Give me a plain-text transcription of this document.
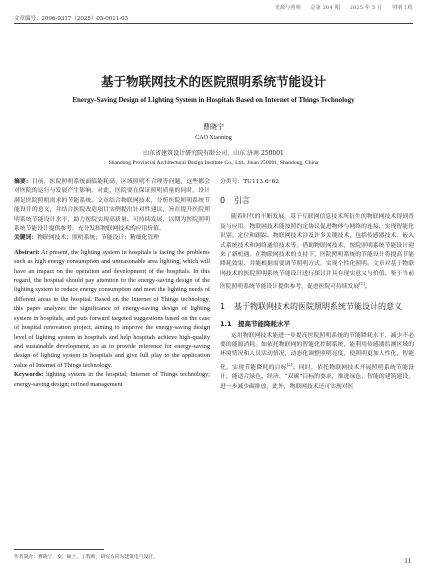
光源与照明 总第 204 期 2025 年 5 月 照明工程
文章编号：2096-9317（2025）05-0011-03
基于物联网技术的医院照明系统节能设计
Energy-Saving Design of Lighting System in Hospitals Based on Internet of Things Technology
曹晓宁
CAO Xiaoning
山东省建筑设计研究院有限公司，山东 济南 250001
Shandong Provincial Architectural Design Institute Co., Ltd., Jinan 250001, Shandong, China

摘要：目前，医院照明系统面临能耗高、区域照明不合理等问题，这些都会对医院的运行与发展产生影响。对此，医院要在保证照明质量的同时，设计满足医院照明需求的节能系统。文章结合物联网技术，分析医院照明系统节能设计的意义，并结合医院改造项目实例提出针对性建议，旨在提升医院照明系统节能设计水平，助力医院实现高质量、可持续发展，以期为医院照明系统节能设计提供参考，充分发挥物联网技术的应用价值。

关键词：物联网技术；照明系统；节能设计；精细化管理

Abstract: At present, the lighting system in hospitals is facing the problems such as high energy consumption and unreasonable area lighting, which will have an impact on the operation and development of the hospitals. In this regard, the hospital should pay attention to the energy-saving design of the lighting system to reduce energy consumption and meet the lighting needs of different areas in the hospital. Based on the Internet of Things technology, this paper analyzes the significance of energy-saving design of lighting system in hospitals, and puts forward targeted suggestions based on the case of hospital renovation project, aiming to improve the energy-saving design level of lighting system in hospitals and help hospitals achieve high-quality and sustainable development, so as to provide reference for energy-saving design of lighting system in hospitals and give full play to the application value of Internet of Things technology.

Keywords: lighting system in the hospital; Internet of Things technology; energy-saving design; refined management

分类号：TU113.6⁺62

0 引言

随着时代的不断发展，基于互联网信息技术所衍生的物联网技术得到普及与应用。物联网技术能按照约定协议促进物体与网络的连接，实现智能化识别、定位和跟踪。物联网技术涉及许多关键技术，包括传感器技术、嵌入式系统技术和网络通信技术等。借助物联网技术，医院照明系统节能设计迎来了新机遇。在物联网技术的支持下，医院照明系统的节能设计将提高节能降耗效果，并能根据需要调节照明方式，实现个性化照明。文章对基于物联网技术的医院照明系统节能设计进行探讨并具有现实意义与价值。鉴于当前医院照明系统节能设计提供参考，促进医院可持续发展[1]。

1	基于物联网技术的医院照明系统节能设计的意义
1.1　提高节能降耗水平

运用物联网技术能进一步提高医院照明系统的节能降耗水平，减少不必要的能源消耗。如依托物联网的智能化控制系统，能利用传感器监测区域的环境情况和人员活动情况，动态化调整照明亮度，使照明更加人性化、智能化，实现节能降耗的目标[2]。同时，依托物联网技术开展照明系统节能设计，能适合绿色、经济、“双碳”目标的要求，推进绿色、智能的建筑建设，进一步减少碳排放。此外，物联网技术还可实现对医

作者简介：曹晓宁，女，硕士，工程师，研究方向为建筑电气设计。	11
